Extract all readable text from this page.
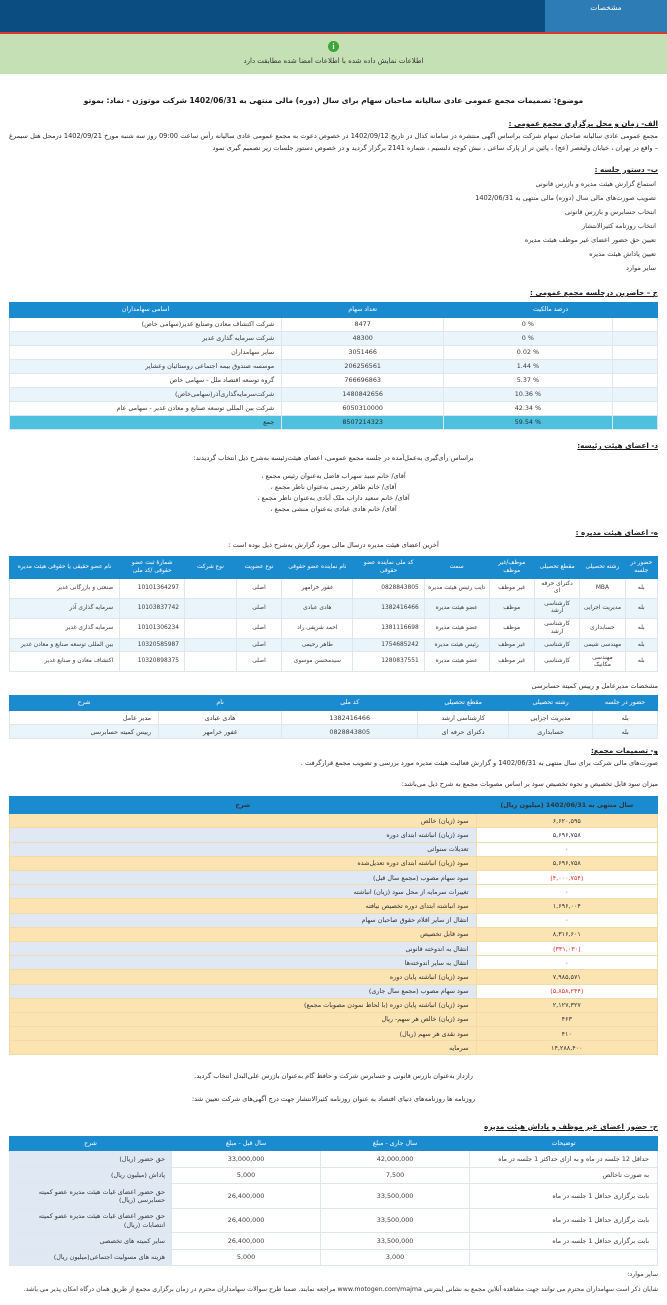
مشخصات
i
اطلاعات نمایش داده شده با اطلاعات امضا شده مطابقت دارد
موضوع: تصمیمات مجمع عمومی عادی سالیانه صاحبان سهام برای سال (دوره) مالی منتهی به 1402/06/31 شرکت موتوژن - نماد: بموتو
الف- زمان و محل برگزاری مجمع عمومی :
مجمع عمومی عادی سالیانه صاحبان سهام شرکت براساس آگهی منتشره در سامانه کدال در تاریخ 1402/09/12 در خصوص دعوت به مجمع عمومی عادی سالیانه رأس ساعت 09:00 روز سه شنبه مورخ 1402/09/21 درمحل هتل سیمرغ – واقع در تهران ، خیابان ولیعصر (عج) ، پائین تر از پارک ساعی ، نبش کوچه دلنسیم ، شماره 2141 برگزار گردید و در خصوص دستور جلسات زیر تصمیم گیری نمود
ب– دستور جلسه :
استماع گزارش هیئت مدیره و بازرس قانونی
تصویب صورت‌های مالی سال (دوره) مالی منتهی به 1402/06/31
انتخاب حسابرس و بازرس قانونی
انتخاب روزنامه کثیرالانتشار
تعیین حق حضور اعضای غیر موظف هیئت مدیره
تعیین پاداش هیئت مدیره
سایر موارد
ج – حاضرین درجلسه مجمع عمومی :
درصد مالکیت		تعداد سهام	اسامی سهامداران
	% 0	8477	شرکت اکتشاف معادن وصنایع غدیر(سهامی خاص)
	% 0	48300	شرکت سرمایه گذاری غدیر
	% 0.02	3051466	سایر سهامداران
	% 1.44	206256561	موسسه صندوق بیمه اجتماعی روستائیان وعشایر
	% 5.37	766696863	گروه توسعه اقتصاد ملل - سهامی خاص
	% 10.36	1480842656	شرکت‌سرمایه‌گذاری‌آذر(سهامی‌خاص)
	% 42.34	6050310000	شرکت بین المللی توسعه صنایع و معادن غدیر - سهامی عام
	% 59.54	8507214323	جمع
د- اعضای هیئت رئیسه:
براساس رأی‌گیری به‌عمل‌آمده در جلسه مجمع عمومی، اعضای هیئت‌رئیسه به‌شرح ذیل انتخاب گردیدند:
آقای/ خانم سید سهراب فاضل به‌عنوان رئیس مجمع ،
آقای/ خانم طاهر رحیمی به‌عنوان ناظر مجمع ،
آقای/ خانم سعید داراب ملک آبادی به‌عنوان ناظر مجمع ،
آقای/ خانم هادی عبادی به‌عنوان منشی مجمع ،
ه- اعضای هیئت مدیره :
آخرین اعضای هیئت مدیره درسال مالی مورد گزارش به‌شرح ذیل بوده است :
حضور در جلسه	رشته تحصیلی	مقطع تحصیلی	موظف/غیر موظف	سمت	کد ملی نماینده عضو حقوقی	نام نماینده عضو حقوقی	نوع عضویت	نوع شرکت	شمارۀ ثبت عضو حقوقی /کد ملی	نام عضو حقیقی یا حقوقی هیئت مدیره
بله	MBA	دکترای حرفه ای	غیر موظف	نایب رئیس هیئت مدیره	0828843805	غفور خرامهر	اصلی		10101364297	صنعتی و بازرگانی غدیر
بله	مدیریت اجرایی	کارشناسی ارشد	موظف	عضو هیئت مدیره	1382416466	هادی عبادی	اصلی		10103837742	سرمایه گذاری آذر
بله	حسابداری	کارشناسی ارشد	موظف	عضو هیئت مدیره	1381116698	احمد شریفی راد	اصلی		10101306234	سرمایه گذاری غدیر
بله	مهندسی شیمی	کارشناسی	غیر موظف	رئیس هیئت مدیره	1754685242	طاهر رحیمی	اصلی		10320585987	بین المللی توسعه صنایع و معادن غدیر
بله	مهندسی مکانیک	کارشناسی	غیر موظف	عضو هیئت مدیره	1280837551	سیدمحسن موسوی	اصلی		10320898375	اکتشاف معادن و صنایع غدیر
مشخصات مدیرعامل و رییس کمیته حسابرسی
حضور در جلسه	رشته تحصیلی	مقطع تحصیلی	کد ملی	نام	شرح
بله	مدیریت اجرایی	کارشناسی ارشد	1382416466	هادی عبادی	مدیر عامل
بله	حسابداری	دکترای حرفه ای	0828843805	غفور خرامهر	رییس کمیته حسابرسی
و- تصمیمات مجمع:
صورت‌های مالی شرکت برای سال منتهی به 1402/06/31 و گزارش فعالیت هیئت مدیره مورد بررسی و تصویب مجمع قرارگرفت .
میزان سود قابل تخصیص و نحوه تخصیص سود بر اساس مصوبات مجمع به شرح ذیل می‌باشد:
سال منتهی به 1402/06/31 (میلیون ریال)	شرح
۶,۶۲۰,۵۹۵	سود (زیان) خالص
۵,۶۹۶,۷۵۸	سود (زیان) انباشته ابتدای دوره
۰	تعدیلات سنواتی
۵,۶۹۶,۷۵۸	سود (زیان) انباشته ابتدای دوره تعدیل‌شده
(۴,۰۰۰,۷۵۴)	سود سهام مصوب (مجمع سال قبل)
۰	تغییرات سرمایه از محل سود (زیان) انباشته
۱,۶۹۶,۰۰۴	سود انباشته ابتدای دوره تخصیص نیافته
۰	انتقال از سایر اقلام حقوق صاحبان سهام
۸,۳۱۶,۶۰۱	سود قابل تخصیص
(۳۳۱,۰۳۰)	انتقال به اندوخته قانونی
۰	انتقال به سایر اندوخته‌ها
۷,۹۸۵,۵۷۱	سود (زیان) انباشته پایان دوره
(۵,۸۵۸,۲۴۴)	سود سهام مصوب (مجمع سال جاری)
۲,۱۲۷,۳۲۷	سود (زیان) انباشته پایان دوره (با لحاظ نمودن مصوبات مجمع)
۴۶۳	سود (زیان) خالص هر سهم- ریال
۴۱۰	سود نقدی هر سهم (ریال)
۱۴,۲۸۸,۴۰۰	سرمایه
رازدار به‌عنوان بازرس قانونی و حسابرس شرکت و حافظ گام به‌عنوان بازرس علی‌البدل انتخاب گردید.
روزنامه ها روزنامه‌های دنیای اقتصاد به عنوان روزنامه کثیرالانتشار جهت درج آگهی‌های شرکت تعیین شد:
ح- حضور اعضای غیر موظف و پاداش هیئت مدیره
توضیحات	سال جاری - مبلغ	سال قبل - مبلغ	شرح
حداقل 12 جلسه در ماه و به ازای حداکثر 1 جلسه در ماه	42,000,000	33,000,000	حق حضور (ریال)
به صورت ناخالص	7,500	5,000	پاداش (میلیون ریال)
بابت برگزاری حداقل 1 جلسه در ماه	33,500,000	26,400,000	حق حضور اعضای غیات هیئت مدیره عضو کمیته حسابرسی (ریال)
بابت برگزاری حداقل 1 جلسه در ماه	33,500,000	26,400,000	حق حضور اعضای غیات هیئت مدیره عضو کمیته انتصابات (ریال)
بابت برگزاری حداقل 1 جلسه در ماه	33,500,000	26,400,000	سایر کمیته های تخصصی
	3,000	5,000	هزینه های مسولیت اجتماعی(میلیون ریال)
سایر موارد:
شایان ذکر است سهامداران محترم می توانند جهت مشاهده آنلاین مجمع به نشانی اینترنتی www.motogen.com/majma مراجعه نمایند. ضمنا طرح سوالات سهامداران محترم در زمان برگزاری مجمع از طریق همان درگاه امکان پذیر می باشد.
